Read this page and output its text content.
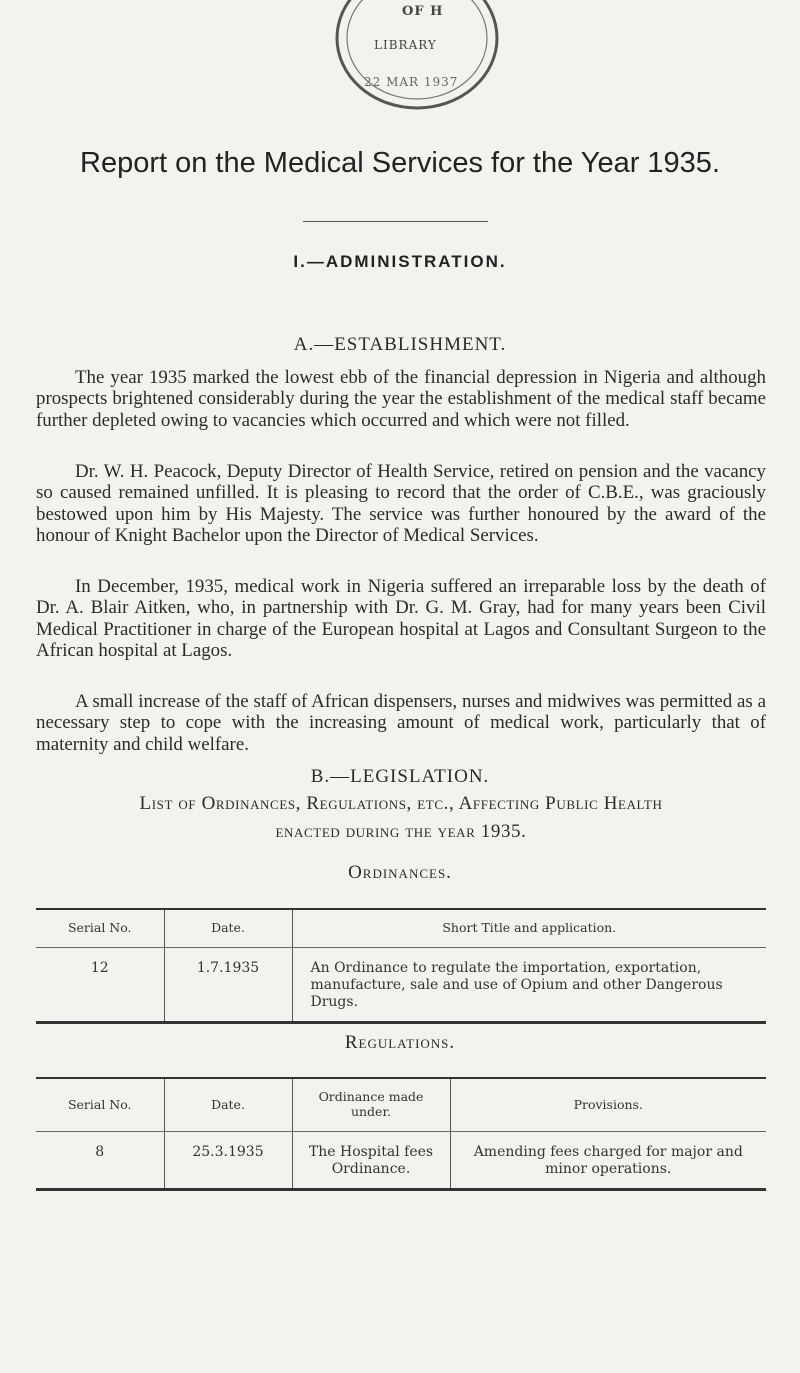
OF H
LIBRARY
22 MAR 1937
Report on the Medical Services for the Year 1935.
I.—ADMINISTRATION.
A.—ESTABLISHMENT.

The year 1935 marked the lowest ebb of the financial depression in Nigeria and although prospects brightened considerably during the year the establishment of the medical staff became further depleted owing to vacancies which occurred and which were not filled.

Dr. W. H. Peacock, Deputy Director of Health Service, retired on pension and the vacancy so caused remained unfilled. It is pleasing to record that the order of C.B.E., was graciously bestowed upon him by His Majesty. The service was further honoured by the award of the honour of Knight Bachelor upon the Director of Medical Services.

In December, 1935, medical work in Nigeria suffered an irreparable loss by the death of Dr. A. Blair Aitken, who, in partnership with Dr. G. M. Gray, had for many years been Civil Medical Practitioner in charge of the European hospital at Lagos and Consultant Surgeon to the African hospital at Lagos.

A small increase of the staff of African dispensers, nurses and midwives was permitted as a necessary step to cope with the increasing amount of medical work, particularly that of maternity and child welfare.

B.—LEGISLATION.
List of Ordinances, Regulations, etc., Affecting Public Health
enacted during the year 1935.
Ordinances.
Serial No.	Date.	Short Title and application.
12	1.7.1935	An Ordinance to regulate the importation, exportation, manufacture, sale and use of Opium and other Dangerous Drugs.
Regulations.
Serial No.	Date.	Ordinance made under.	Provisions.
8	25.3.1935	The Hospital fees Ordinance.	Amending fees charged for major and minor operations.
